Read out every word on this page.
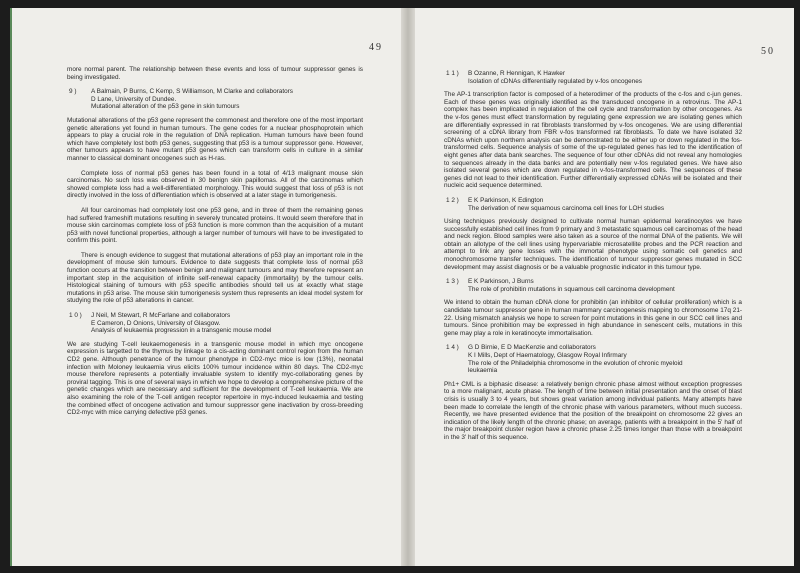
49

more normal parent. The relationship between these events and loss of tumour suppressor genes is being investigated.

9 )	A Balmain, P Burns, C Kemp, S Williamson, M Clarke and collaborators
D Lane, University of Dundee.
Mutational alteration of the p53 gene in skin tumours

Mutational alterations of the p53 gene represent the commonest and therefore one of the most important genetic alterations yet found in human tumours. The gene codes for a nuclear phosphoprotein which appears to play a crucial role in the regulation of DNA replication. Human tumours have been found which have completely lost both p53 genes, suggesting that p53 is a tumour suppressor gene. However, other tumours appears to have mutant p53 genes which can transform cells in culture in a similar manner to classical dominant oncogenes such as H-ras.

Complete loss of normal p53 genes has been found in a total of 4/13 malignant mouse skin carcinomas. No such loss was observed in 30 benign skin papillomas. All of the carcinomas which showed complete loss had a well-differentiated morphology. This would suggest that loss of p53 is not directly involved in the loss of differentiation which is observed at a later stage in tumorigenesis.

All four carcinomas had completely lost one p53 gene, and in three of them the remaining genes had suffered frameshift mutations resulting in severely truncated proteins. It would seem therefore that in mouse skin carcinomas complete loss of p53 function is more common than the acquisition of a mutant p53 with novel functional properties, although a larger number of tumours will have to be investigated to confirm this point.

There is enough evidence to suggest that mutational alterations of p53 play an important role in the development of mouse skin tumours. Evidence to date suggests that complete loss of normal p53 function occurs at the transition between benign and malignant tumours and may therefore represent an important step in the acquisition of infinite self-renewal capacity (immortality) by the tumour cells. Histological staining of tumours with p53 specific antibodies should tell us at exactly what stage mutations in p53 arise. The mouse skin tumorigenesis system thus represents an ideal model system for studying the role of p53 alterations in cancer.

1 0 )	J Neil, M Stewart, R McFarlane and collaborators
E Cameron, D Onions, University of Glasgow.
Analysis of leukaemia progression in a transgenic mouse model

We are studying T-cell leukaemogenesis in a transgenic mouse model in which myc oncogene expression is targetted to the thymus by linkage to a cis-acting dominant control region from the human CD2 gene. Although penetrance of the tumour phenotype in CD2-myc mice is low (13%), neonatal infection with Moloney leukaemia virus elicits 100% tumour incidence within 80 days. The CD2-myc mouse therefore represents a potentially invaluable system to identify myc-collaborating genes by proviral tagging. This is one of several ways in which we hope to develop a comprehensive picture of the genetic changes which are necessary and sufficient for the development of T-cell leukaemia. We are also examining the role of the T-cell antigen receptor repertoire in myc-induced leukaemia and testing the combined effect of oncogene activation and tumour suppressor gene inactivation by cross-breeding CD2-myc with mice carrying defective p53 genes.

50
1 1 )	B Ozanne, R Hennigan, K Hawker
Isolation of cDNAs differentially regulated by v-fos oncogenes

The AP-1 transcription factor is composed of a heterodimer of the products of the c-fos and c-jun genes. Each of these genes was originally identified as the transduced oncogene in a retrovirus. The AP-1 complex has been implicated in regulation of the cell cycle and transformation by other oncogenes. As the v-fos genes must effect transformation by regulating gene expression we are isolating genes which are differentially expressed in rat fibroblasts transformed by v-fos oncogenes. We are using differential screening of a cDNA library from FBR v-fos transformed rat fibroblasts. To date we have isolated 32 cDNAs which upon northern analysis can be demonstrated to be either up or down regulated in the fos-transformed cells. Sequence analysis of some of the up-regulated genes has led to the identification of eight genes after data bank searches. The sequence of four other cDNAs did not reveal any homologies to sequences already in the data banks and are potentially new v-fos regulated genes. We have also isolated several genes which are down regulated in v-fos-transformed cells. The sequences of these genes did not lead to their identification. Further differentially expressed cDNAs will be isolated and their nucleic acid sequence determined.

1 2 )	E K Parkinson, K Edington
The derivation of new squamous carcinoma cell lines for LOH studies

Using techniques previously designed to cultivate normal human epidermal keratinocytes we have successfully established cell lines from 9 primary and 3 metastatic squamous cell carcinomas of the head and neck region. Blood samples were also taken as a source of the normal DNA of the patients. We will obtain an allotype of the cell lines using hypervariable microsatellite probes and the PCR reaction and attempt to link any gene losses with the immortal phenotype using somatic cell genetics and monochromosome transfer techniques. The identification of tumour suppressor genes mutated in SCC development may assist diagnosis or be a valuable prognostic indicator in this tumour type.

1 3 )	E K Parkinson, J Burns
The role of prohibitin mutations in squamous cell carcinoma development

We intend to obtain the human cDNA clone for prohibitin (an inhibitor of cellular proliferation) which is a candidate tumour suppressor gene in human mammary carcinogenesis mapping to chromosome 17q 21-22. Using mismatch analysis we hope to screen for point mutations in this gene in our SCC cell lines and tumours. Since prohibition may be expressed in high abundance in senescent cells, mutations in this gene may play a role in keratinocyte immortalisation.

1 4 )	G D Birnie, E D MacKenzie and collaborators
K I Mills, Dept of Haematology, Glasgow Royal Infirmary
The role of the Philadelphia chromosome in the evolution of chronic myeloid
leukaemia

Ph1+ CML is a biphasic disease: a relatively benign chronic phase almost without exception progresses to a more malignant, acute phase. The length of time between initial presentation and the onset of blast crisis is usually 3 to 4 years, but shows great variation among individual patients. Many attempts have been made to correlate the length of the chronic phase with various parameters, without much success. Recently, we have presented evidence that the position of the breakpoint on chromosome 22 gives an indication of the likely length of the chronic phase; on average, patients with a breakpoint in the 5' half of the major breakpoint cluster region have a chronic phase 2.25 times longer than those with a breakpoint in the 3' half of this sequence.
